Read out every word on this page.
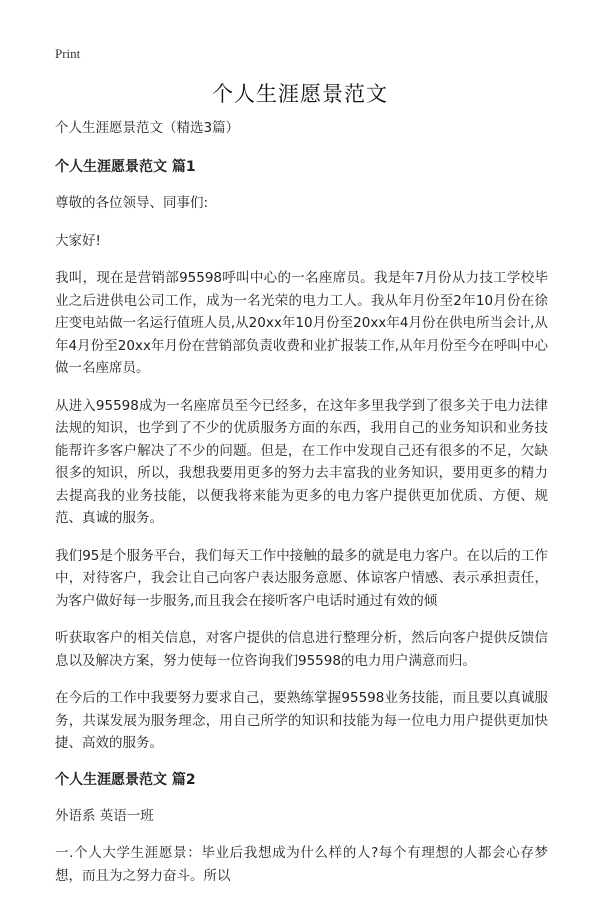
Print
个人生涯愿景范文

个人生涯愿景范文（精选3篇）

个人生涯愿景范文 篇1

尊敬的各位领导、同事们:

大家好!

我叫，现在是营销部95598呼叫中心的一名座席员。我是年7月份从力技工学校毕业之后进供电公司工作，成为一名光荣的电力工人。我从年月份至2年10月份在徐庄变电站做一名运行值班人员,从20xx年10月份至20xx年4月份在供电所当会计,从年4月份至20xx年月份在营销部负责收费和业扩报装工作,从年月份至今在呼叫中心做一名座席员。

从进入95598成为一名座席员至今已经多，在这年多里我学到了很多关于电力法律法规的知识，也学到了不少的优质服务方面的东西，我用自己的业务知识和业务技能帮许多客户解决了不少的问题。但是，在工作中发现自己还有很多的不足，欠缺很多的知识，所以，我想我要用更多的努力去丰富我的业务知识，要用更多的精力去提高我的业务技能，以便我将来能为更多的电力客户提供更加优质、方便、规范、真诚的服务。

我们95是个服务平台，我们每天工作中接触的最多的就是电力客户。在以后的工作中，对待客户，我会让自己向客户表达服务意愿、体谅客户情感、表示承担责任，为客户做好每一步服务,而且我会在接听客户电话时通过有效的倾

听获取客户的相关信息，对客户提供的信息进行整理分析，然后向客户提供反馈信息以及解决方案，努力使每一位咨询我们95598的电力用户满意而归。

在今后的工作中我要努力要求自己，要熟练掌握95598业务技能，而且要以真诚服务，共谋发展为服务理念，用自己所学的知识和技能为每一位电力用户提供更加快捷、高效的服务。

个人生涯愿景范文 篇2

外语系 英语一班

一.个人大学生涯愿景：毕业后我想成为什么样的人?每个有理想的人都会心存梦想，而且为之努力奋斗。所以
